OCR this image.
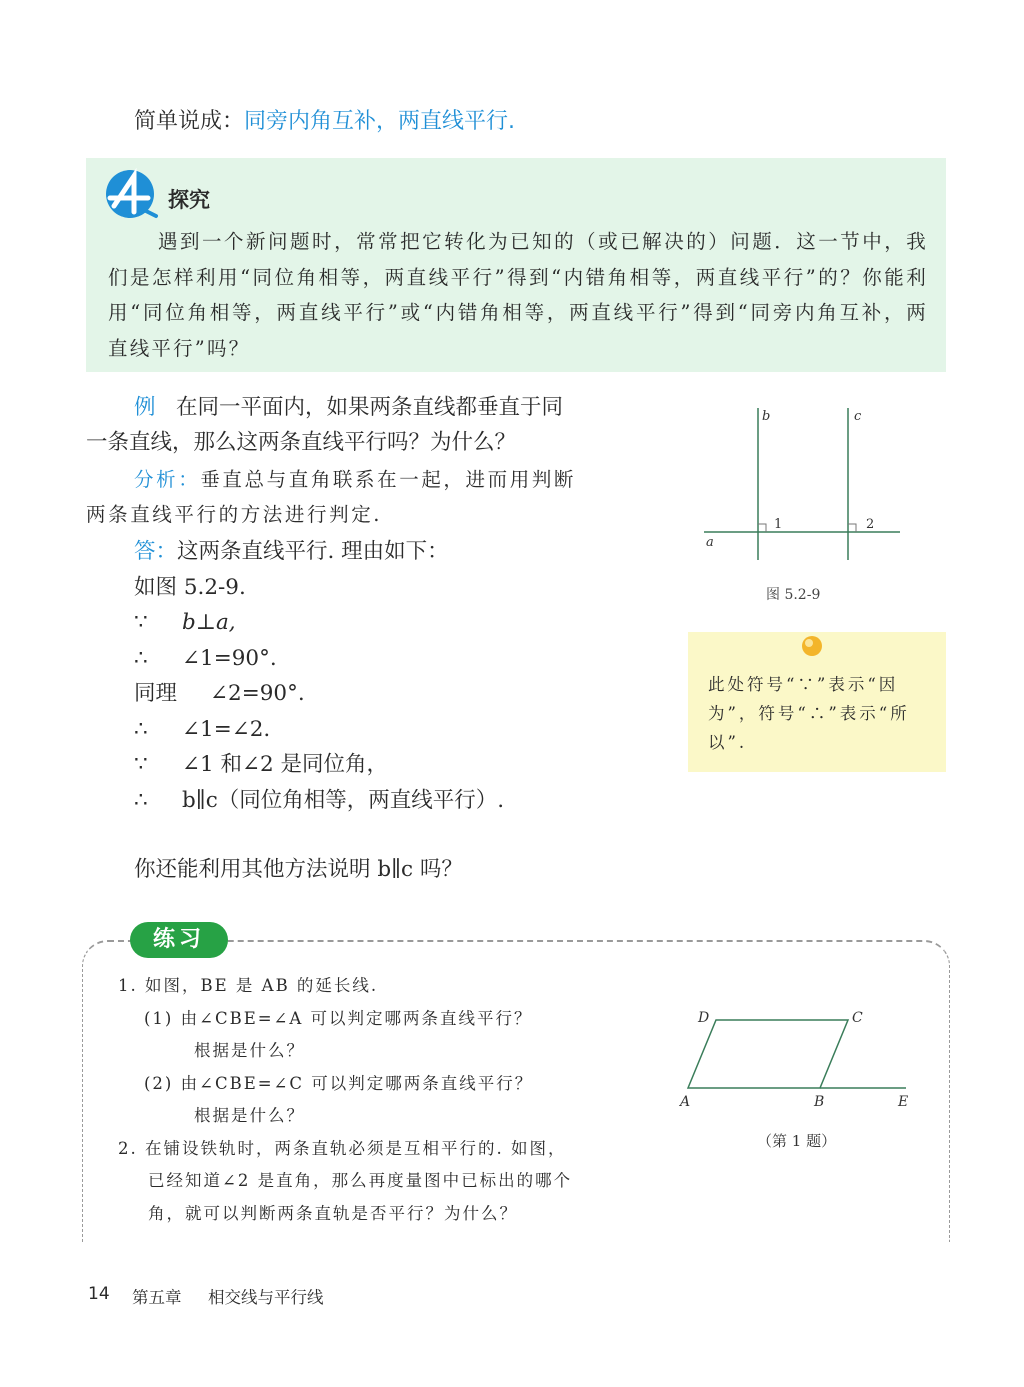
简单说成：同旁内角互补，两直线平行.
探究
遇到一个新问题时，常常把它转化为已知的（或已解决的）问题．这一节中，我们是怎样利用“同位角相等，两直线平行”得到“内错角相等，两直线平行”的？你能利用“同位角相等，两直线平行”或“内错角相等，两直线平行”得到“同旁内角互补，两直线平行”吗？
例 在同一平面内，如果两条直线都垂直于同
一条直线，那么这两条直线平行吗？为什么？
分析：垂直总与直角联系在一起，进而用判断
两条直线平行的方法进行判定.
答：这两条直线平行. 理由如下：
如图 5.2-9.
∵ b⊥a,
∴ ∠1=90°.
同理 ∠2=90°.
∴ ∠1=∠2.
∵ ∠1 和∠2 是同位角，
∴ b∥c（同位角相等，两直线平行）.
b	c
a
1	2
图 5.2-9
此处符号“∵”表示“因为”，符号“∴”表示“所以”.
你还能利用其他方法说明 b∥c 吗？
练习
1. 如图，BE 是 AB 的延长线.
(1) 由∠CBE=∠A 可以判定哪两条直线平行？
根据是什么？
(2) 由∠CBE=∠C 可以判定哪两条直线平行？
根据是什么？
2. 在铺设铁轨时，两条直轨必须是互相平行的. 如图，
已经知道∠2 是直角，那么再度量图中已标出的哪个
角，就可以判断两条直轨是否平行？为什么？
D	C
A	B	E
（第 1 题）
14 第五章 相交线与平行线
